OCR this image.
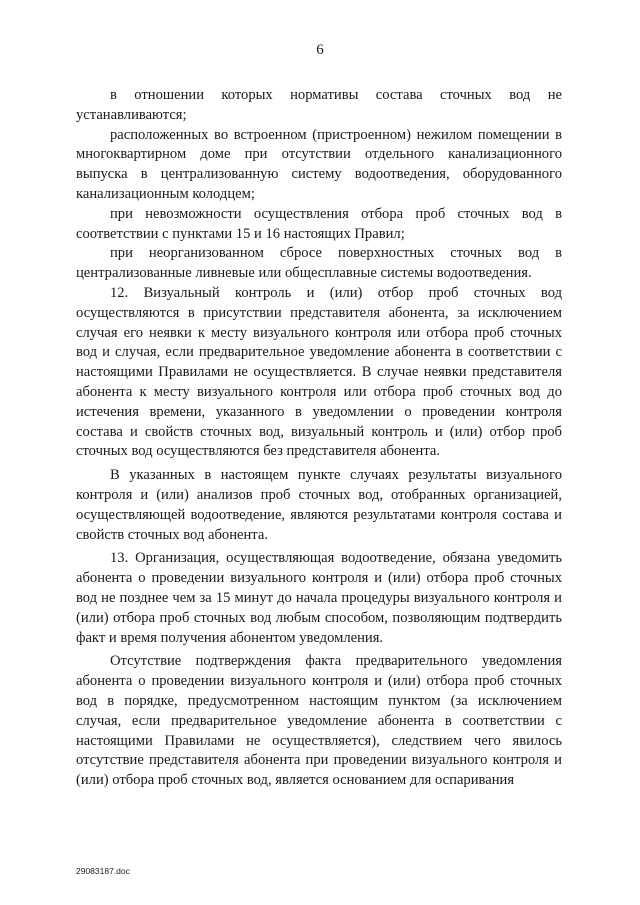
6

в отношении которых нормативы состава сточных вод не устанавливаются;

расположенных во встроенном (пристроенном) нежилом помещении в многоквартирном доме при отсутствии отдельного канализационного выпуска в централизованную систему водоотведения, оборудованного канализационным колодцем;

при невозможности осуществления отбора проб сточных вод в соответствии с пунктами 15 и 16 настоящих Правил;

при неорганизованном сбросе поверхностных сточных вод в централизованные ливневые или общесплавные системы водоотведения.

12. Визуальный контроль и (или) отбор проб сточных вод осуществляются в присутствии представителя абонента, за исключением случая его неявки к месту визуального контроля или отбора проб сточных вод и случая, если предварительное уведомление абонента в соответствии с настоящими Правилами не осуществляется. В случае неявки представителя абонента к месту визуального контроля или отбора проб сточных вод до истечения времени, указанного в уведомлении о проведении контроля состава и свойств сточных вод, визуальный контроль и (или) отбор проб сточных вод осуществляются без представителя абонента.

В указанных в настоящем пункте случаях результаты визуального контроля и (или) анализов проб сточных вод, отобранных организацией, осуществляющей водоотведение, являются результатами контроля состава и свойств сточных вод абонента.

13. Организация, осуществляющая водоотведение, обязана уведомить абонента о проведении визуального контроля и (или) отбора проб сточных вод не позднее чем за 15 минут до начала процедуры визуального контроля и (или) отбора проб сточных вод любым способом, позволяющим подтвердить факт и время получения абонентом уведомления.

Отсутствие подтверждения факта предварительного уведомления абонента о проведении визуального контроля и (или) отбора проб сточных вод в порядке, предусмотренном настоящим пунктом (за исключением случая, если предварительное уведомление абонента в соответствии с настоящими Правилами не осуществляется), следствием чего явилось отсутствие представителя абонента при проведении визуального контроля и (или) отбора проб сточных вод, является основанием для оспаривания

29083187.doc
